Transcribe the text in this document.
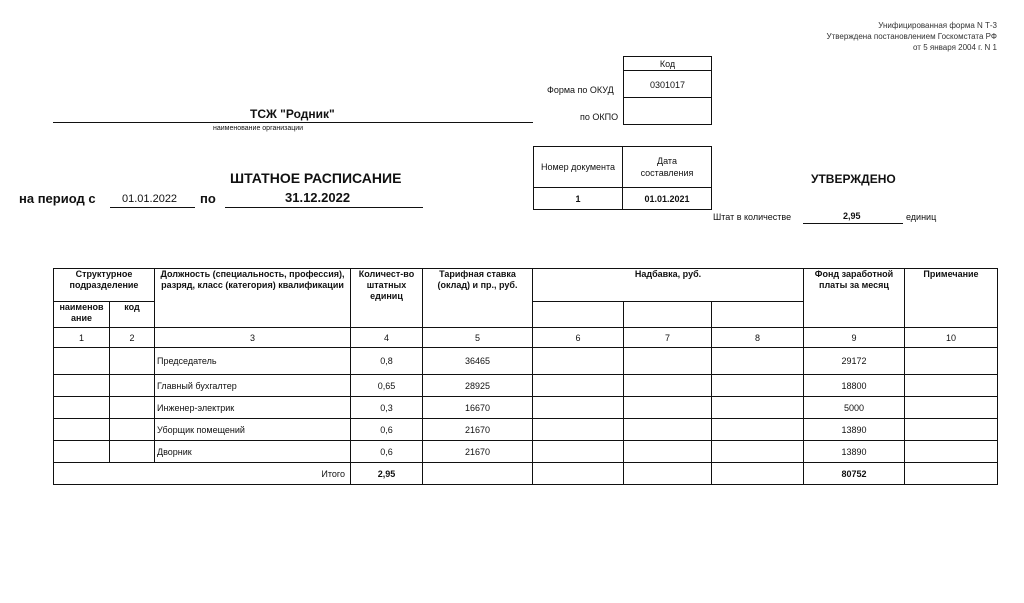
Унифицированная форма N Т-3
Утверждена постановлением Госкомстата РФ
от 5 января 2004 г. N 1
Код
0301017
Форма по ОКУД
по ОКПО
ТСЖ "Родник"
наименование организации
Номер документа
Дата составления
1	01.01.2021
ШТАТНОЕ РАСПИСАНИЕ
на период с 01.01.2022 по	31.12.2022
УТВЕРЖДЕНО
Штат в количестве	2,95	единиц
Структурное подразделение		Должность (специальность, профессия), разряд, класс (категория) квалификации	Количест-во штатных единиц	Тарифная ставка (оклад) и пр., руб.	Надбавка, руб.			Фонд заработной платы за месяц	Примечание
наименов ание	код								
1	2	3	4	5	6	7	8	9	10
		Председатель	0,8	36465				29172	
		Главный бухгалтер	0,65	28925				18800	
		Инженер-электрик	0,3	16670				5000	
		Уборщик помещений	0,6	21670				13890	
		Дворник	0,6	21670				13890	
Итого			2,95					80752	
